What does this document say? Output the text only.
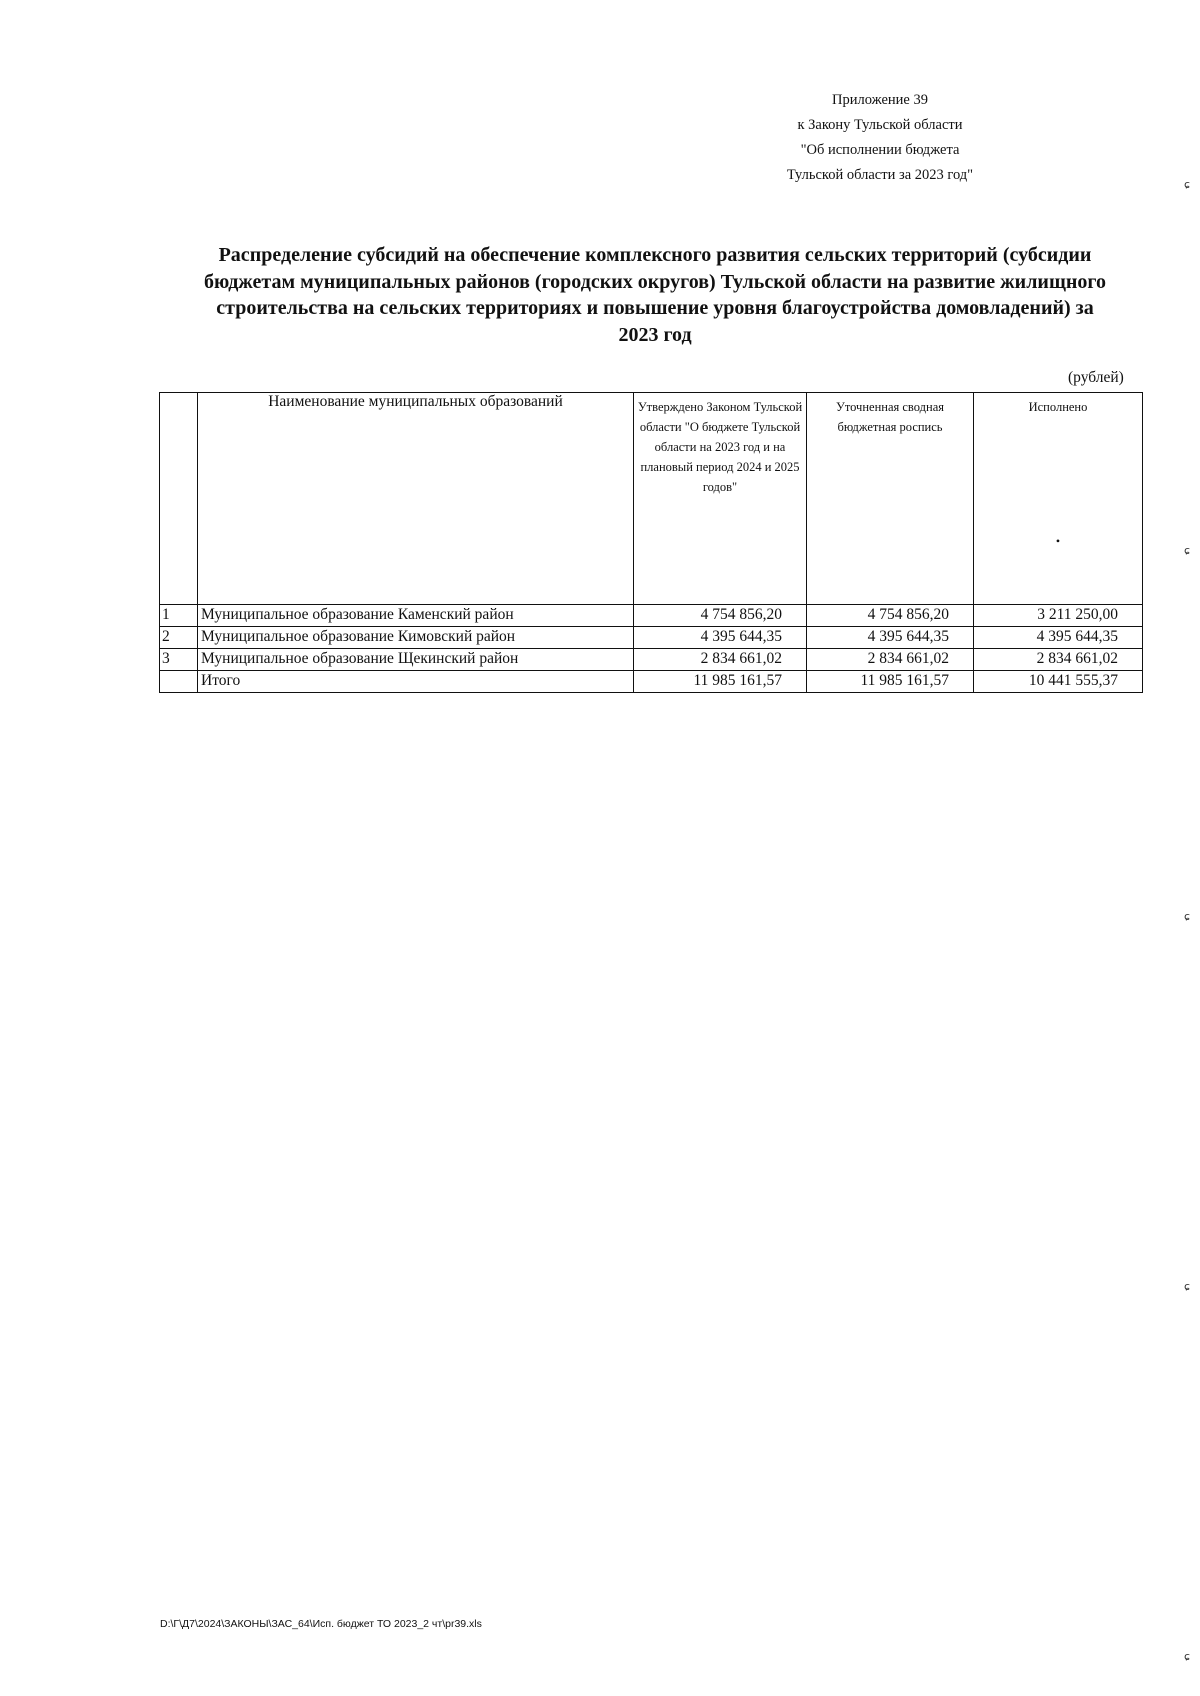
Приложение 39
к Закону Тульской области
"Об исполнении бюджета
Тульской области за 2023 год"
Распределение субсидий на обеспечение комплексного развития сельских территорий (субсидии
бюджетам муниципальных районов (городских округов) Тульской области на развитие жилищного
строительства на сельских территориях и повышение уровня благоустройства домовладений) за
2023 год
(рублей)
	Наименование муниципальных образований	Утверждено Законом Тульской области "О бюджете Тульской области на 2023 год и на плановый период 2024 и 2025 годов"	Уточненная сводная бюджетная роспись	Исполнено
•

1	Муниципальное образование Каменский район	4 754 856,20	4 754 856,20	3 211 250,00
2	Муниципальное образование Кимовский район	4 395 644,35	4 395 644,35	4 395 644,35
3	Муниципальное образование Щекинский район	2 834 661,02	2 834 661,02	2 834 661,02
	Итого	11 985 161,57	11 985 161,57	10 441 555,37
D:\Г\Д7\2024\ЗАКОНЫ\ЗАС_64\Исп. бюджет ТО 2023_2 чт\pr39.xls
ɕ
ɕ
ɕ
ɕ
ɕ
